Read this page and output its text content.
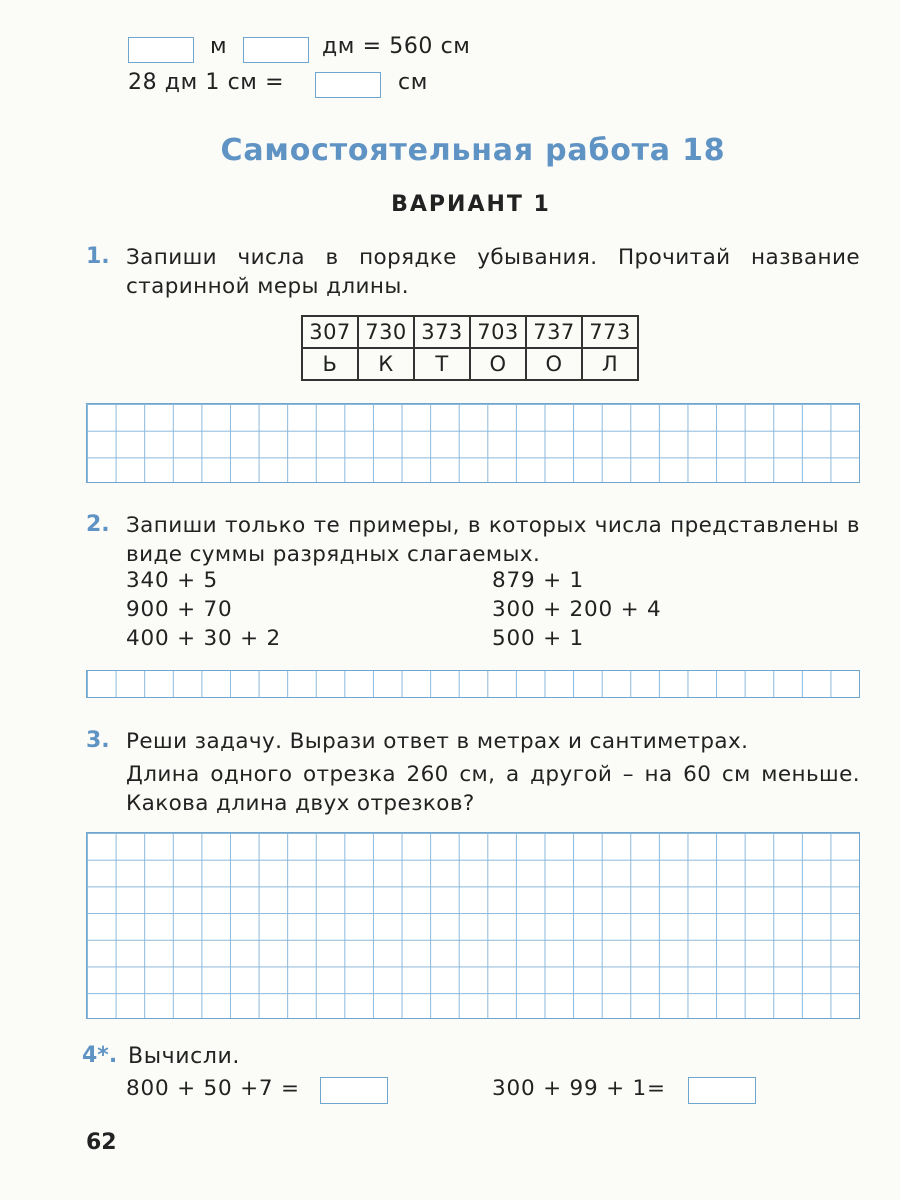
м	дм = 560 см
28 дм 1 см =	см
Самостоятельная работа 18
ВАРИАНТ 1
1. Запиши числа в порядке убывания. Прочитай название старинной меры длины.
307	730	373	703	737	773
Ь	К	Т	О	О	Л
2. Запиши только те примеры, в которых числа представлены в виде суммы разрядных слагаемых.
340 + 5
900 + 70
400 + 30 + 2
879 + 1
300 + 200 + 4
500 + 1
3. Реши задачу. Вырази ответ в метрах и сантиметрах.
Длина одного отрезка 260 см, а другой – на 60 см меньше. Какова длина двух отрезков?
4*. Вычисли.
800 + 50 +7 =	300 + 99 + 1=
62
